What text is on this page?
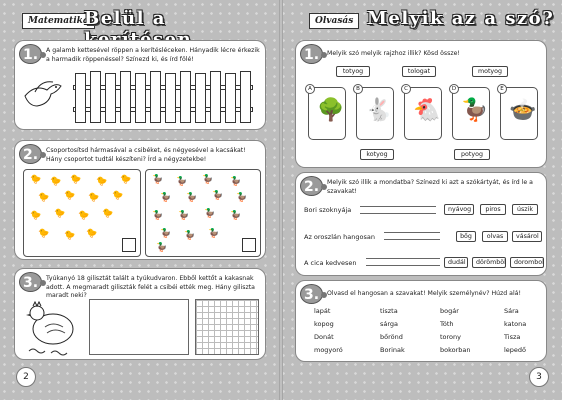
Matematika
Belül a
1.	A galamb kettesével röppen a kerítésléceken. Hányadik lécre érkezik a harmadik röppenéssel? Színezd ki, és írd fölé!
2.	Csoportosítsd hármasával a csibéket, és négyesével a kacsákat! Hány csoportot tudtál készíteni? Írd a négyzetekbe!
🐤 🐤 🐤 🐤 🐤
🐤 🐤 🐤 🐤
🐤 🐤 🐤 🐤
🐤 🐤 🐤
🦆 🦆 🦆 🦆
🦆 🦆 🦆 🦆
🦆 🦆 🦆 🦆
🦆 🦆 🦆
🦆
3.	Tyúkanyó 18 gilisztát talált a tyúkudvaron. Ebből kettőt a kakasnak adott. A megmaradt giliszták felét a csibéi ették meg. Hány giliszta maradt neki?
2
Olvasás Melyik az a szó?
1.	Melyik szó melyik rajzhoz illik? Kösd össze!
totyog	tologat	motyog
A
🌳
B
🐇
C
🐔
D
🦆
E
🍲
kotyog	potyog
2.	Melyik szó illik a mondatba? Színezd ki azt a szókártyát, és írd le a szavakat!
Bori szoknyája	nyávog	piros	úszik
Az oroszlán hangosan	bőg	olvas	vásárol
A cica kedvesen	dudál	dörömböl	dorombol
3.	Olvasd el hangosan a szavakat! Melyik személynév? Húzd alá!
lapát	tiszta	bogár	Sára
kopog	sárga	Tóth	katona
Donát	bőrönd	torony	Tisza
mogyoró	Borinak	bokorban	lepedő
3
